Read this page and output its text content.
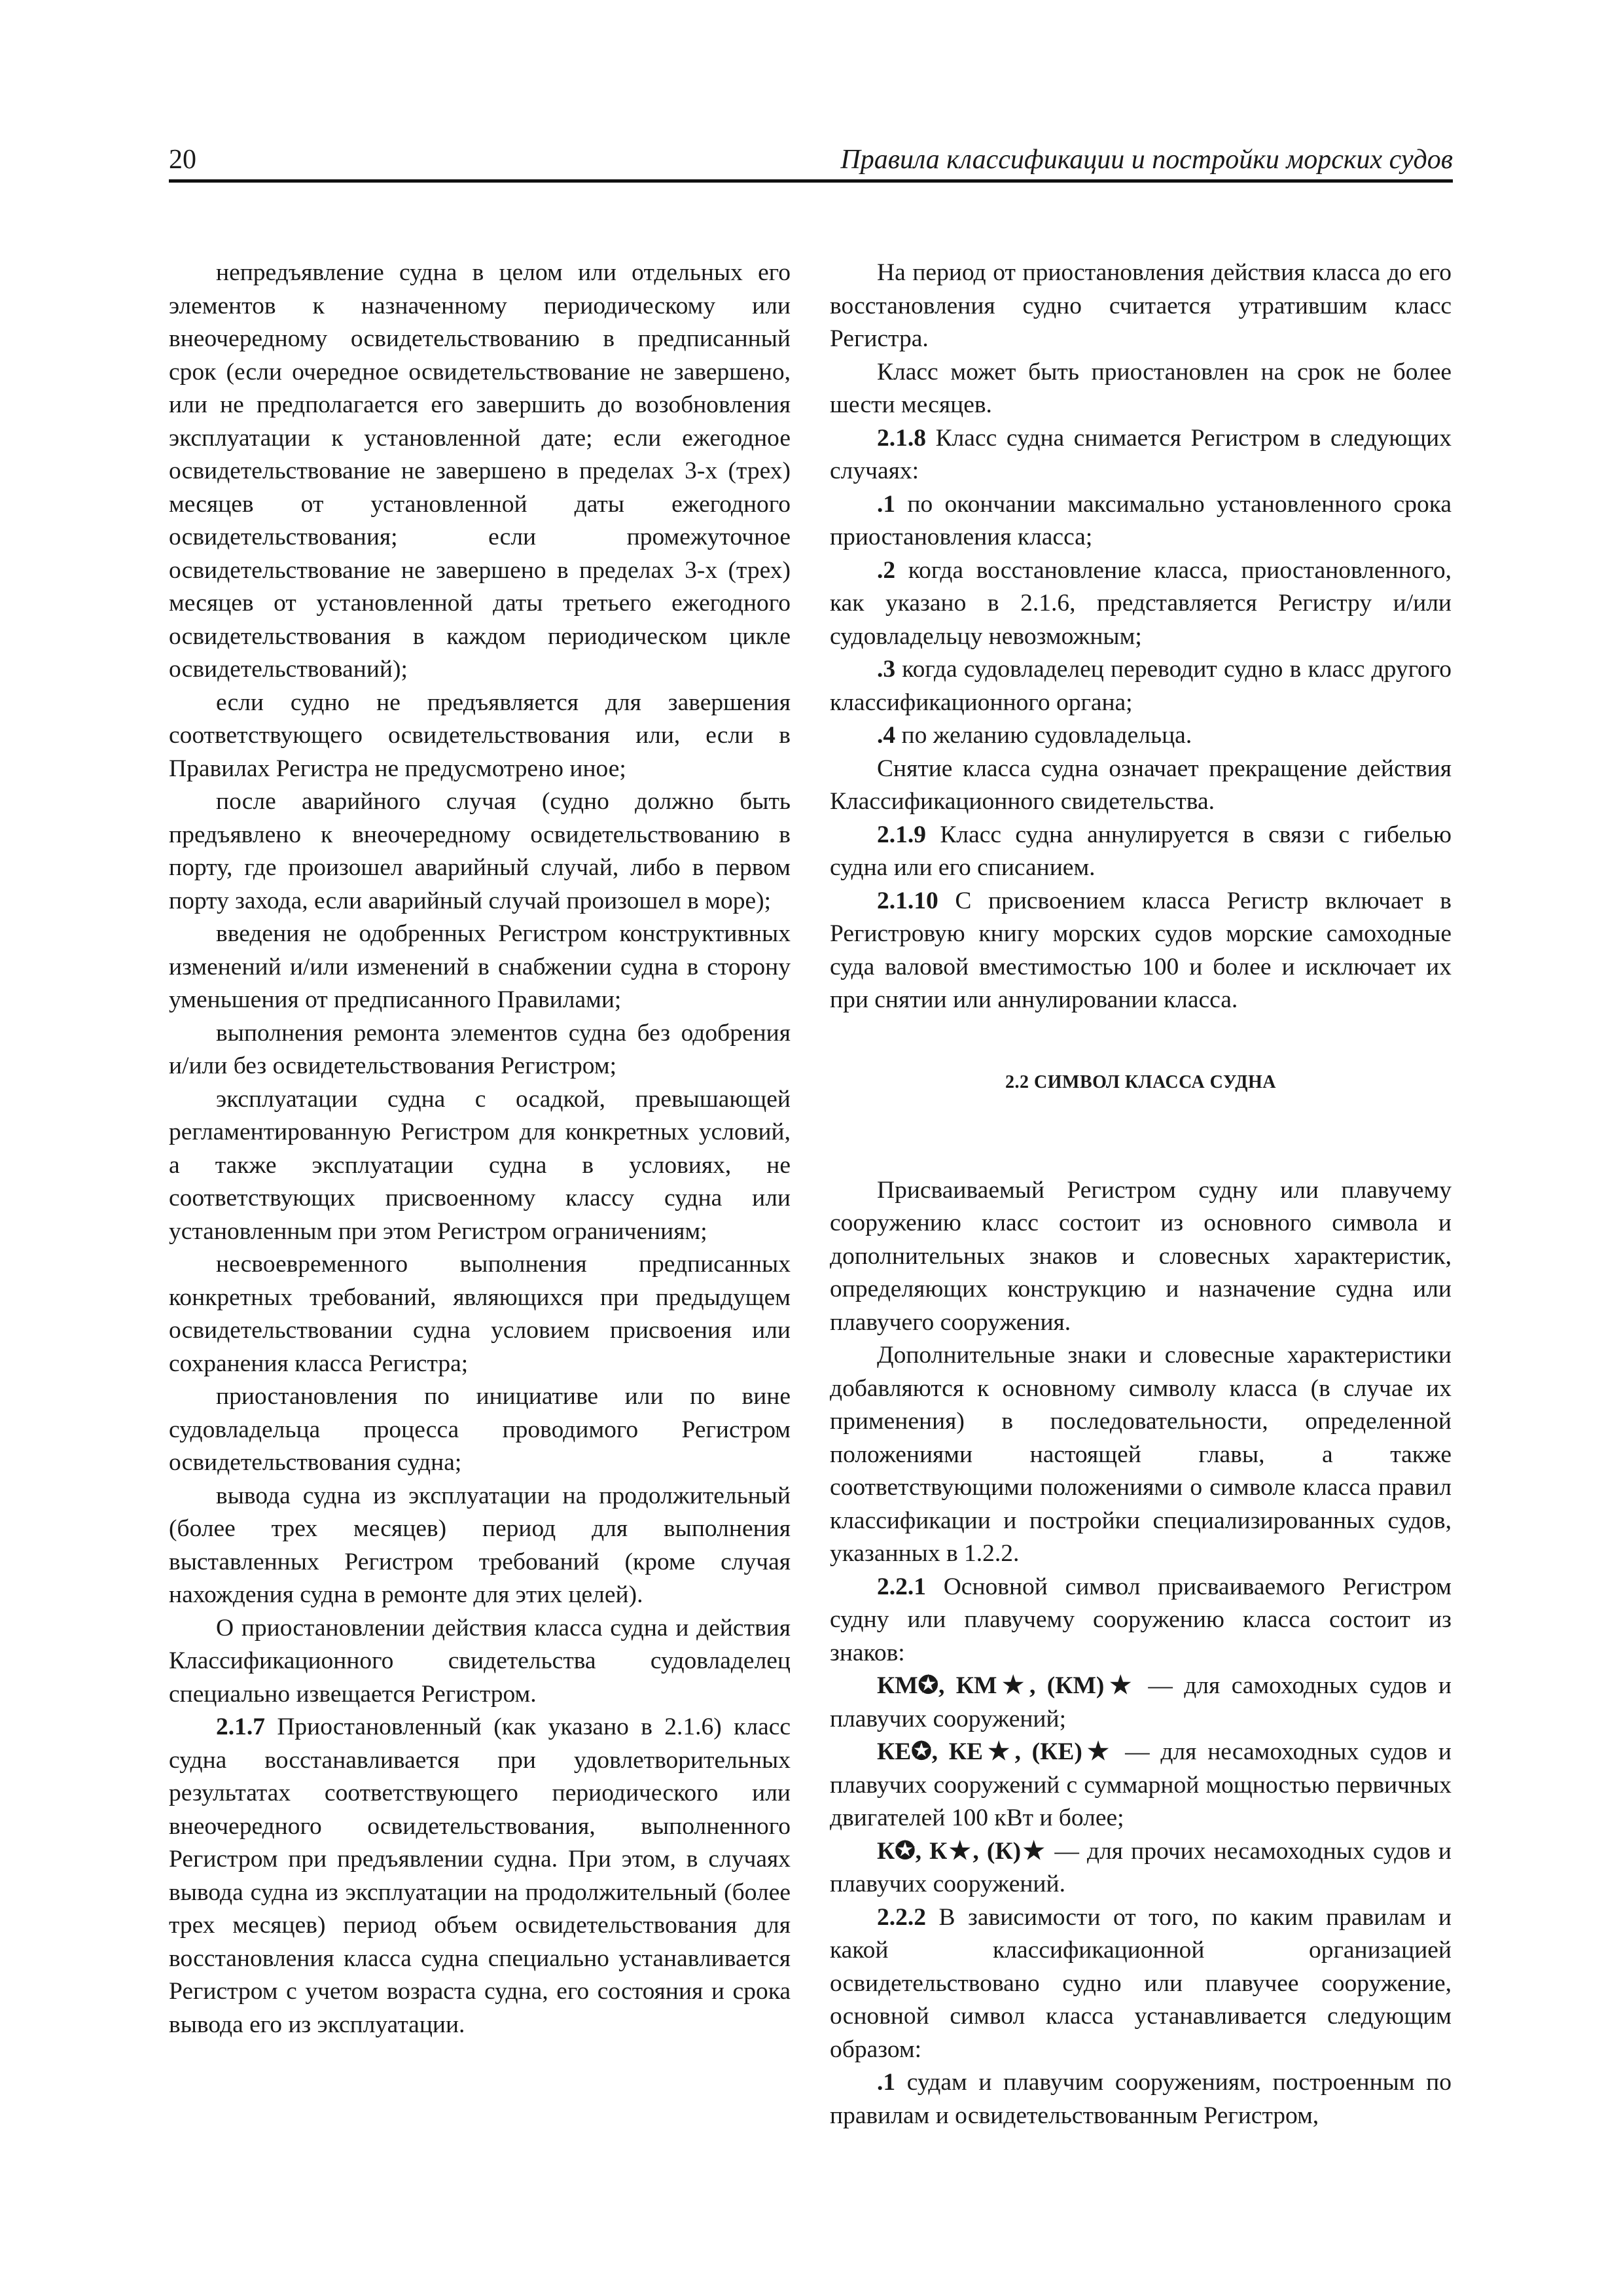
20	Правила классификации и постройки морских судов

непредъявление судна в целом или отдельных его элементов к назначенному периодическому или внеочередному освидетельствованию в предписанный срок (если очередное освидетельствование не завершено, или не предполагается его завершить до возобновления эксплуатации к установленной дате; если ежегодное освидетельствование не завершено в пределах 3-х (трех) месяцев от установленной даты ежегодного освидетельствования; если промежуточное освидетельствование не завершено в пределах 3-х (трех) месяцев от установленной даты третьего ежегодного освидетельствования в каждом периодическом цикле освидетельствований);

если судно не предъявляется для завершения соответствующего освидетельствования или, если в Правилах Регистра не предусмотрено иное;

после аварийного случая (судно должно быть предъявлено к внеочередному освидетельствованию в порту, где произошел аварийный случай, либо в первом порту захода, если аварийный случай произошел в море);

введения не одобренных Регистром конструктивных изменений и/или изменений в снабжении судна в сторону уменьшения от предписанного Правилами;

выполнения ремонта элементов судна без одобрения и/или без освидетельствования Регистром;

эксплуатации судна с осадкой, превышающей регламентированную Регистром для конкретных условий, а также эксплуатации судна в условиях, не соответствующих присвоенному классу судна или установленным при этом Регистром ограничениям;

несвоевременного выполнения предписанных конкретных требований, являющихся при предыдущем освидетельствовании судна условием присвоения или сохранения класса Регистра;

приостановления по инициативе или по вине судовладельца процесса проводимого Регистром освидетельствования судна;

вывода судна из эксплуатации на продолжительный (более трех месяцев) период для выполнения выставленных Регистром требований (кроме случая нахождения судна в ремонте для этих целей).

О приостановлении действия класса судна и действия Классификационного свидетельства судовладелец специально извещается Регистром.

2.1.7 Приостановленный (как указано в 2.1.6) класс судна восстанавливается при удовлетворительных результатах соответствующего периодического или внеочередного освидетельствования, выполненного Регистром при предъявлении судна. При этом, в случаях вывода судна из эксплуатации на продолжительный (более трех месяцев) период объем освидетельствования для восстановления класса судна специально устанавливается Регистром с учетом возраста судна, его состояния и срока вывода его из эксплуатации.

На период от приостановления действия класса до его восстановления судно считается утратившим класс Регистра.

Класс может быть приостановлен на срок не более шести месяцев.

2.1.8 Класс судна снимается Регистром в следующих случаях:

.1 по окончании максимально установленного срока приостановления класса;

.2 когда восстановление класса, приостановленного, как указано в 2.1.6, представляется Регистру и/или судовладельцу невозможным;

.3 когда судовладелец переводит судно в класс другого классификационного органа;

.4 по желанию судовладельца.

Снятие класса судна означает прекращение действия Классификационного свидетельства.

2.1.9 Класс судна аннулируется в связи с гибелью судна или его списанием.

2.1.10 С присвоением класса Регистр включает в Регистровую книгу морских судов морские самоходные суда валовой вместимостью 100 и более и исключает их при снятии или аннулировании класса.

2.2 СИМВОЛ КЛАССА СУДНА

Присваиваемый Регистром судну или плавучему сооружению класс состоит из основного символа и дополнительных знаков и словесных характеристик, определяющих конструкцию и назначение судна или плавучего сооружения.

Дополнительные знаки и словесные характеристики добавляются к основному символу класса (в случае их применения) в последовательности, определенной положениями настоящей главы, а также соответствующими положениями о символе класса правил классификации и постройки специализированных судов, указанных в 1.2.2.

2.2.1 Основной символ присваиваемого Регистром судну или плавучему сооружению класса состоит из знаков:

КМ✪, КМ★, (КМ)★ — для самоходных судов и плавучих сооружений;

КЕ✪, КЕ★, (КЕ)★ — для несамоходных судов и плавучих сооружений с суммарной мощностью первичных двигателей 100 кВт и более;

К✪, К★, (К)★ — для прочих несамоходных судов и плавучих сооружений.

2.2.2 В зависимости от того, по каким правилам и какой классификационной организацией освидетельствовано судно или плавучее сооружение, основной символ класса устанавливается следующим образом:

.1 судам и плавучим сооружениям, построенным по правилам и освидетельствованным Регистром,
